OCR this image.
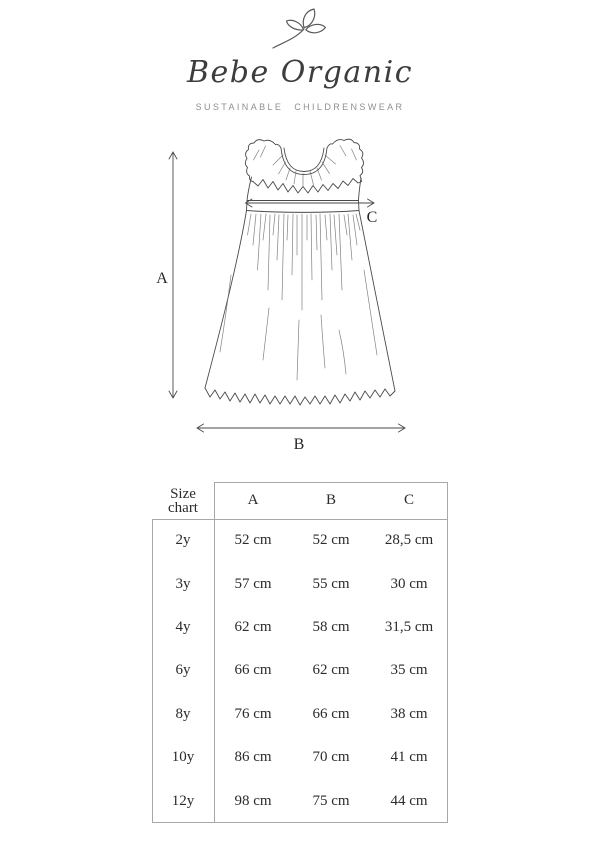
Bebe Organic
SUSTAINABLE CHILDRENSWEAR
A
C
B
Size chart	A	B	C
2y	52 cm	52 cm	28,5 cm
3y	57 cm	55 cm	30 cm
4y	62 cm	58 cm	31,5 cm
6y	66 cm	62 cm	35 cm
8y	76 cm	66 cm	38 cm
10y	86 cm	70 cm	41 cm
12y	98 cm	75 cm	44 cm
